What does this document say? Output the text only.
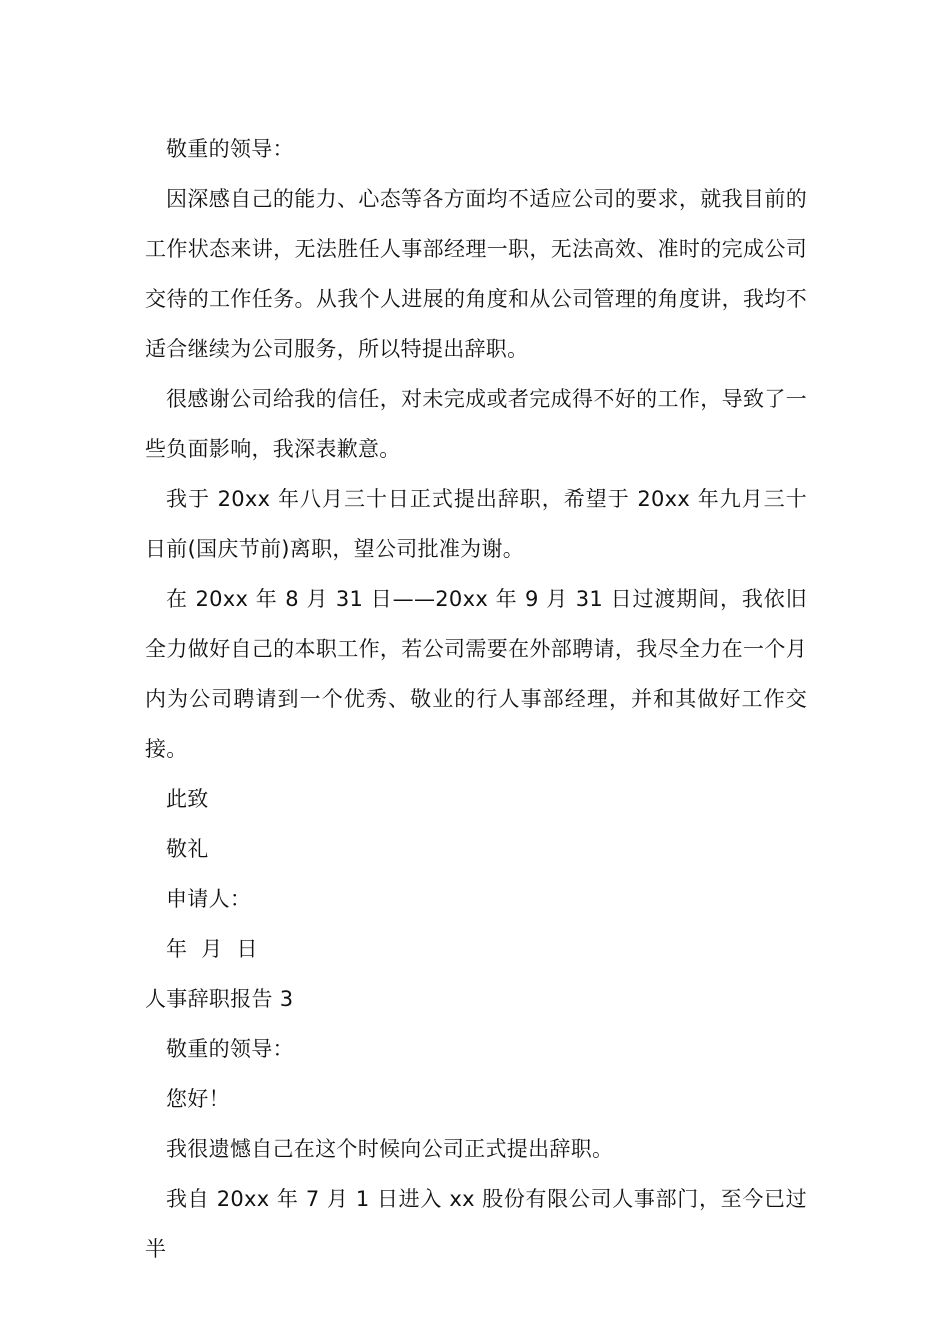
敬重的领导：

因深感自己的能力、心态等各方面均不适应公司的要求，就我目前的工作状态来讲，无法胜任人事部经理一职，无法高效、准时的完成公司交待的工作任务。从我个人进展的角度和从公司管理的角度讲，我均不适合继续为公司服务，所以特提出辞职。

很感谢公司给我的信任，对未完成或者完成得不好的工作，导致了一些负面影响，我深表歉意。

我于 20xx 年八月三十日正式提出辞职，希望于 20xx 年九月三十日前(国庆节前)离职，望公司批准为谢。

在 20xx 年 8 月 31 日——20xx 年 9 月 31 日过渡期间，我依旧全力做好自己的本职工作，若公司需要在外部聘请，我尽全力在一个月内为公司聘请到一个优秀、敬业的行人事部经理，并和其做好工作交接。

此致

敬礼

申请人：

年  月  日

人事辞职报告 3

敬重的领导：

您好！

我很遗憾自己在这个时候向公司正式提出辞职。

我自 20xx 年 7 月 1 日进入 xx 股份有限公司人事部门，至今已过半
